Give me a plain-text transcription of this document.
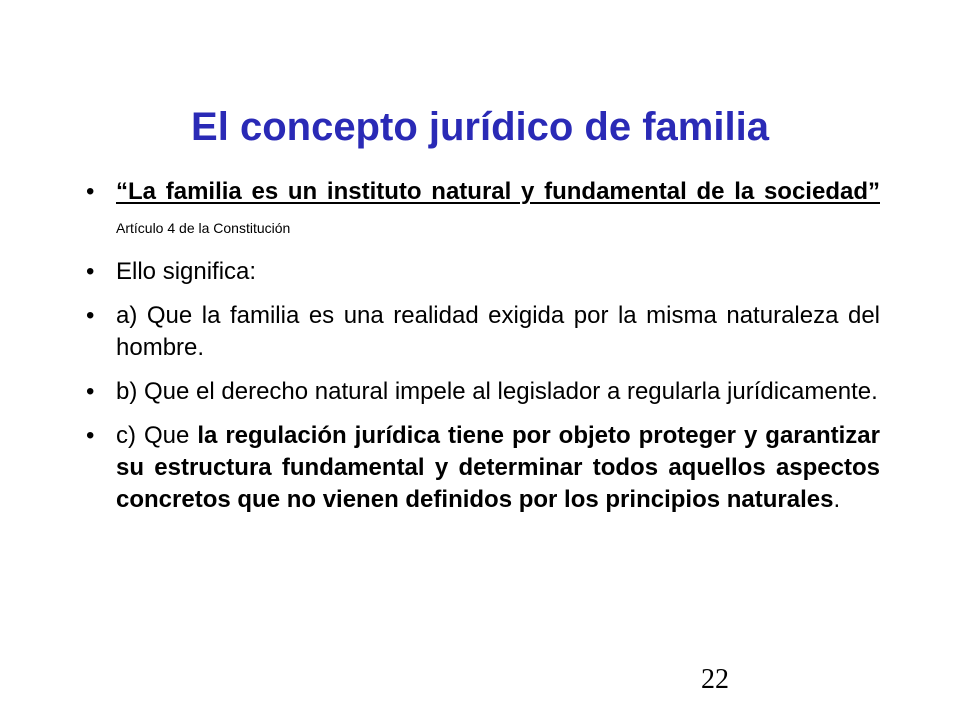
El concepto jurídico de familia
• “La familia es un instituto natural y fundamental de la sociedad” Artículo 4 de la Constitución
• Ello significa:
• a) Que la familia es una realidad exigida por la misma naturaleza del hombre.
• b) Que el derecho natural impele al legislador a regularla jurídicamente.
• c) Que la regulación jurídica tiene por objeto proteger y garantizar su estructura fundamental y determinar todos aquellos aspectos concretos que no vienen definidos por los principios naturales.
22
